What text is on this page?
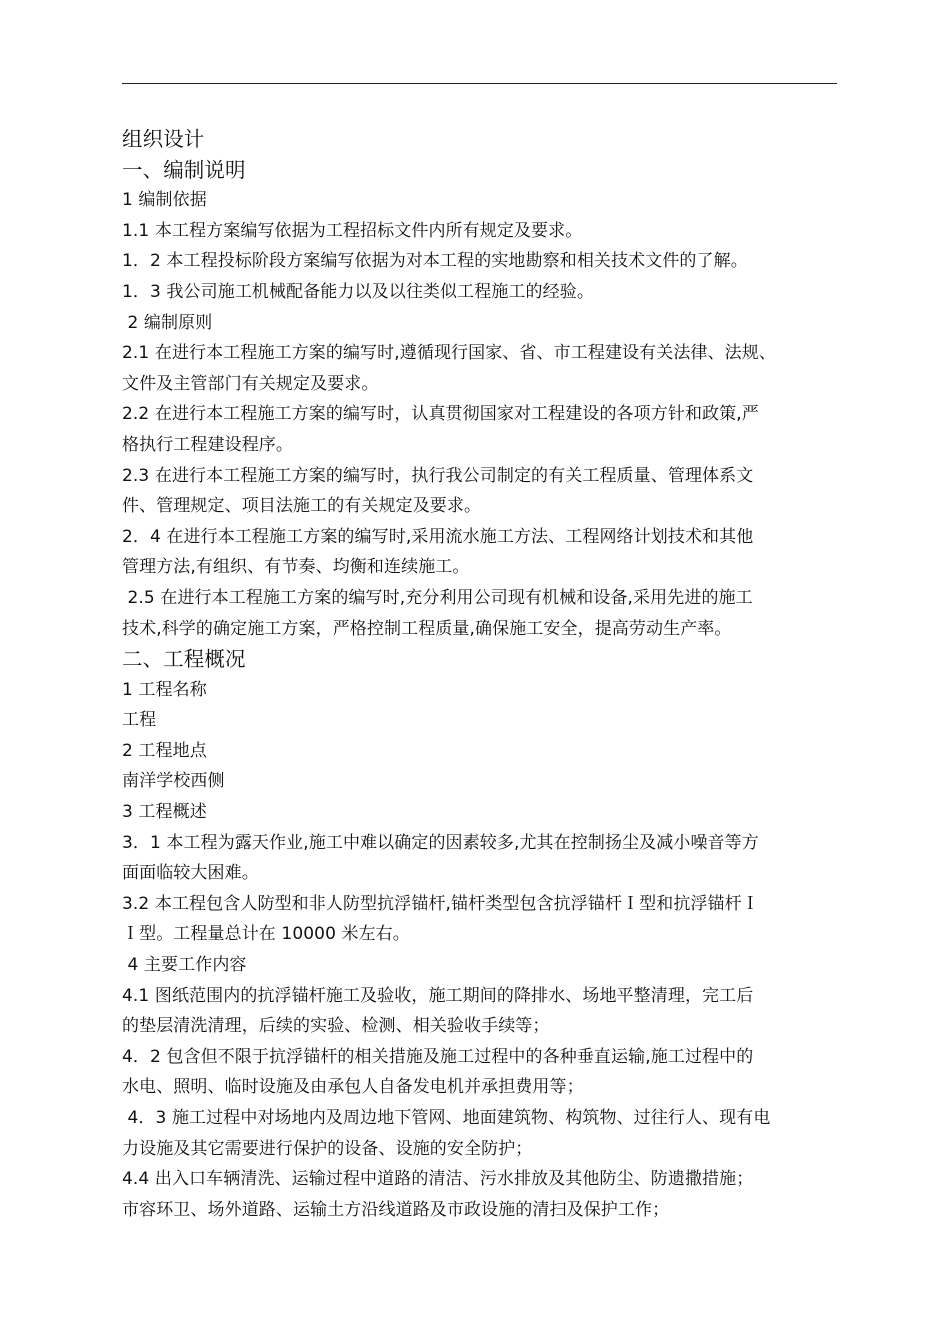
组织设计
一、编制说明
1 编制依据
1.1 本工程方案编写依据为工程招标文件内所有规定及要求。
1．2 本工程投标阶段方案编写依据为对本工程的实地勘察和相关技术文件的了解。
1．3 我公司施工机械配备能力以及以往类似工程施工的经验。
2 编制原则
2.1 在进行本工程施工方案的编写时,遵循现行国家、省、市工程建设有关法律、法规、
文件及主管部门有关规定及要求。
2.2 在进行本工程施工方案的编写时，认真贯彻国家对工程建设的各项方针和政策,严
格执行工程建设程序。
2.3 在进行本工程施工方案的编写时，执行我公司制定的有关工程质量、管理体系文
件、管理规定、项目法施工的有关规定及要求。
2．4 在进行本工程施工方案的编写时,采用流水施工方法、工程网络计划技术和其他
管理方法,有组织、有节奏、均衡和连续施工。
2.5 在进行本工程施工方案的编写时,充分利用公司现有机械和设备,采用先进的施工
技术,科学的确定施工方案，严格控制工程质量,确保施工安全，提高劳动生产率。
二、工程概况
1 工程名称
工程
2 工程地点
南洋学校西侧
3 工程概述
3．1 本工程为露天作业,施工中难以确定的因素较多,尤其在控制扬尘及减小噪音等方
面面临较大困难。
3.2 本工程包含人防型和非人防型抗浮锚杆,锚杆类型包含抗浮锚杆Ｉ型和抗浮锚杆Ｉ
Ｉ型。工程量总计在 10000 米左右。
4 主要工作内容
4.1 图纸范围内的抗浮锚杆施工及验收，施工期间的降排水、场地平整清理，完工后
的垫层清洗清理，后续的实验、检测、相关验收手续等；
4．2 包含但不限于抗浮锚杆的相关措施及施工过程中的各种垂直运输,施工过程中的
水电、照明、临时设施及由承包人自备发电机并承担费用等；
4．3 施工过程中对场地内及周边地下管网、地面建筑物、构筑物、过往行人、现有电
力设施及其它需要进行保护的设备、设施的安全防护；
4.4 出入口车辆清洗、运输过程中道路的清洁、污水排放及其他防尘、防遗撒措施；
市容环卫、场外道路、运输土方沿线道路及市政设施的清扫及保护工作；
